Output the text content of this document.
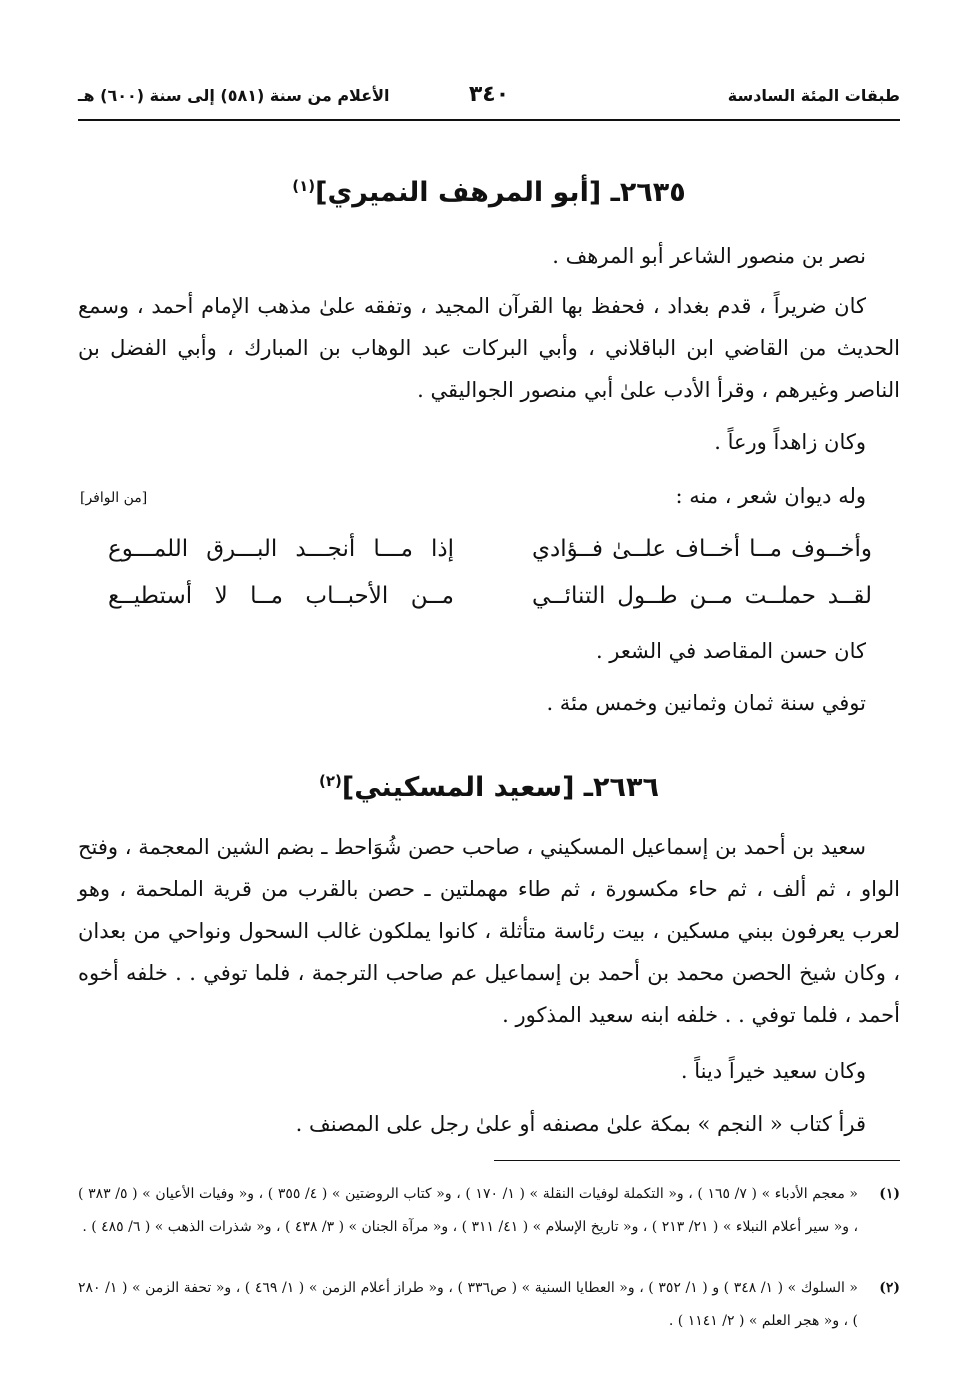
طبقات المئة السادسة
٣٤٠
الأعلام من سنة (٥٨١) إلى سنة (٦٠٠) هـ
٢٦٣٥ـ [أبو المرهف النميري]$^{(١)}$
نصر بن منصور الشاعر أبو المرهف .
كان ضريراً ، قدم بغداد ، فحفظ بها القرآن المجيد ، وتفقه علىٰ مذهب الإمام أحمد ، وسمع الحديث من القاضي ابن الباقلاني ، وأبي البركات عبد الوهاب بن المبارك ، وأبي الفضل بن الناصر وغيرهم ، وقرأ الأدب علىٰ أبي منصور الجواليقي .
وكان زاهداً ورعاً .
وله ديوان شعر ، منه :
[من الوافر]
وأخــوف مــا أخــاف علــىٰ فــؤادي
إذا مـــا أنجـــد البـــرق اللمـــوع
لقــد حملــت مــن طــول التنائــي
مــن الأحبــاب مــا لا أستطيــع
كان حسن المقاصد في الشعر .
توفي سنة ثمان وثمانين وخمس مئة .
٢٦٣٦ـ [سعيد المسكيني]$^{(٢)}$
سعيد بن أحمد بن إسماعيل المسكيني ، صاحب حصن شُوَاحط ـ بضم الشين المعجمة ، وفتح الواو ، ثم ألف ، ثم حاء مكسورة ، ثم طاء مهملتين ـ حصن بالقرب من قرية الملحمة ، وهو لعرب يعرفون ببني مسكين ، بيت رئاسة متأثلة ، كانوا يملكون غالب السحول ونواحي من بعدان ، وكان شيخ الحصن محمد بن أحمد بن إسماعيل عم صاحب الترجمة ، فلما توفي . . خلفه أخوه أحمد ، فلما توفي . . خلفه ابنه سعيد المذكور .
وكان سعيد خيراً ديناً .
قرأ كتاب « النجم » بمكة علىٰ مصنفه أو علىٰ رجل على المصنف .
(١)
« معجم الأدباء » ( ٧/ ١٦٥ ) ، و« التكملة لوفيات النقلة » ( ١/ ١٧٠ ) ، و« كتاب الروضتين » ( ٤/ ٣٥٥ ) ، و« وفيات الأعيان » ( ٥/ ٣٨٣ ) ، و« سير أعلام النبلاء » ( ٢١/ ٢١٣ ) ، و« تاريخ الإسلام » ( ٤١/ ٣١١ ) ، و« مرآة الجنان » ( ٣/ ٤٣٨ ) ، و« شذرات الذهب » ( ٦/ ٤٨٥ ) .
(٢)
« السلوك » ( ١/ ٣٤٨ ) و ( ١/ ٣٥٢ ) ، و« العطايا السنية » ( ص٣٣٦ ) ، و« طراز أعلام الزمن » ( ١/ ٤٦٩ ) ، و« تحفة الزمن » ( ١/ ٢٨٠ ) ، و« هجر العلم » ( ٢/ ١١٤١ ) .
